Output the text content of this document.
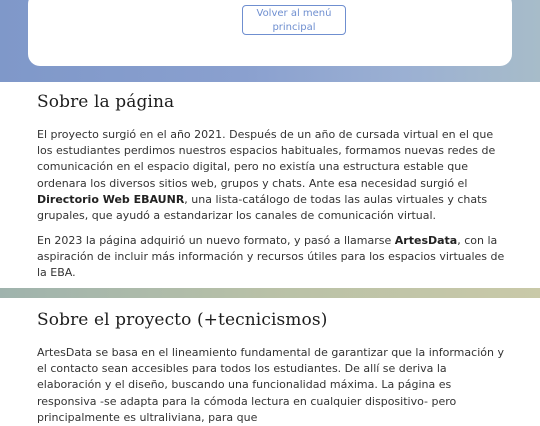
Volver al menú principal
Sobre la página

El proyecto surgió en el año 2021. Después de un año de cursada virtual en el que los estudiantes perdimos nuestros espacios habituales, formamos nuevas redes de comunicación en el espacio digital, pero no existía una estructura estable que ordenara los diversos sitios web, grupos y chats. Ante esa necesidad surgió el Directorio Web EBAUNR, una lista-catálogo de todas las aulas virtuales y chats grupales, que ayudó a estandarizar los canales de comunicación virtual.

En 2023 la página adquirió un nuevo formato, y pasó a llamarse ArtesData, con la aspiración de incluir más información y recursos útiles para los espacios virtuales de la EBA.

Sobre el proyecto (+tecnicismos)

ArtesData se basa en el lineamiento fundamental de garantizar que la información y el contacto sean accesibles para todos los estudiantes. De allí se deriva la elaboración y el diseño, buscando una funcionalidad máxima. La página es responsiva -se adapta para la cómoda lectura en cualquier dispositivo- pero principalmente es ultraliviana, para que
